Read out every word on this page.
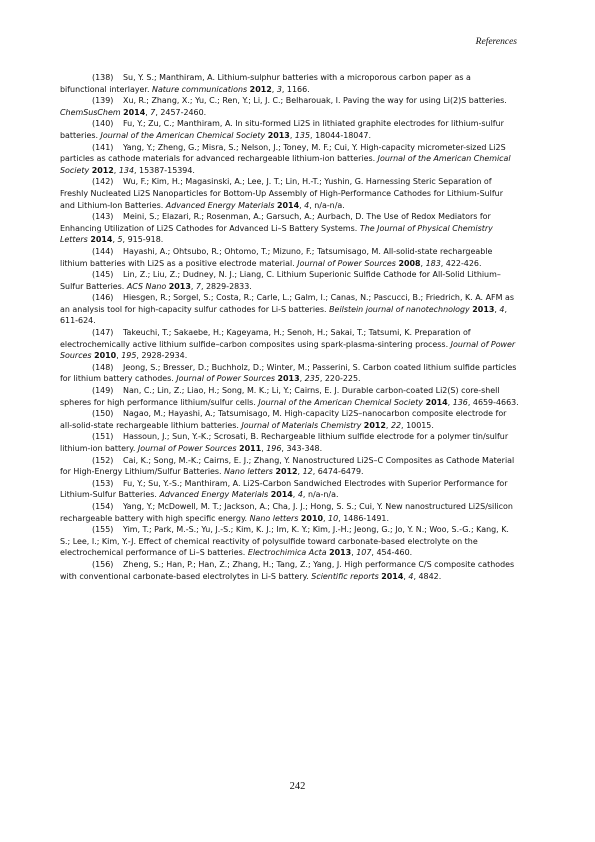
References

(138) Su, Y. S.; Manthiram, A. Lithium-sulphur batteries with a microporous carbon paper as a bifunctional interlayer. Nature communications 2012, 3, 1166.

(139) Xu, R.; Zhang, X.; Yu, C.; Ren, Y.; Li, J. C.; Belharouak, I. Paving the way for using Li(2)S batteries. ChemSusChem 2014, 7, 2457-2460.

(140) Fu, Y.; Zu, C.; Manthiram, A. In situ-formed Li2S in lithiated graphite electrodes for lithium-sulfur batteries. Journal of the American Chemical Society 2013, 135, 18044-18047.

(141) Yang, Y.; Zheng, G.; Misra, S.; Nelson, J.; Toney, M. F.; Cui, Y. High-capacity micrometer-sized Li2S particles as cathode materials for advanced rechargeable lithium-ion batteries. Journal of the American Chemical Society 2012, 134, 15387-15394.

(142) Wu, F.; Kim, H.; Magasinski, A.; Lee, J. T.; Lin, H.-T.; Yushin, G. Harnessing Steric Separation of Freshly Nucleated Li2S Nanoparticles for Bottom-Up Assembly of High-Performance Cathodes for Lithium-Sulfur and Lithium-Ion Batteries. Advanced Energy Materials 2014, 4, n/a-n/a.

(143) Meini, S.; Elazari, R.; Rosenman, A.; Garsuch, A.; Aurbach, D. The Use of Redox Mediators for Enhancing Utilization of Li2S Cathodes for Advanced Li–S Battery Systems. The Journal of Physical Chemistry Letters 2014, 5, 915-918.

(144) Hayashi, A.; Ohtsubo, R.; Ohtomo, T.; Mizuno, F.; Tatsumisago, M. All-solid-state rechargeable lithium batteries with Li2S as a positive electrode material. Journal of Power Sources 2008, 183, 422-426.

(145) Lin, Z.; Liu, Z.; Dudney, N. J.; Liang, C. Lithium Superionic Sulfide Cathode for All-Solid Lithium–Sulfur Batteries. ACS Nano 2013, 7, 2829-2833.

(146) Hiesgen, R.; Sorgel, S.; Costa, R.; Carle, L.; Galm, I.; Canas, N.; Pascucci, B.; Friedrich, K. A. AFM as an analysis tool for high-capacity sulfur cathodes for Li-S batteries. Beilstein journal of nanotechnology 2013, 4, 611-624.

(147) Takeuchi, T.; Sakaebe, H.; Kageyama, H.; Senoh, H.; Sakai, T.; Tatsumi, K. Preparation of electrochemically active lithium sulfide–carbon composites using spark-plasma-sintering process. Journal of Power Sources 2010, 195, 2928-2934.

(148) Jeong, S.; Bresser, D.; Buchholz, D.; Winter, M.; Passerini, S. Carbon coated lithium sulfide particles for lithium battery cathodes. Journal of Power Sources 2013, 235, 220-225.

(149) Nan, C.; Lin, Z.; Liao, H.; Song, M. K.; Li, Y.; Cairns, E. J. Durable carbon-coated Li2(S) core-shell spheres for high performance lithium/sulfur cells. Journal of the American Chemical Society 2014, 136, 4659-4663.

(150) Nagao, M.; Hayashi, A.; Tatsumisago, M. High-capacity Li2S–nanocarbon composite electrode for all-solid-state rechargeable lithium batteries. Journal of Materials Chemistry 2012, 22, 10015.

(151) Hassoun, J.; Sun, Y.-K.; Scrosati, B. Rechargeable lithium sulfide electrode for a polymer tin/sulfur lithium-ion battery. Journal of Power Sources 2011, 196, 343-348.

(152) Cai, K.; Song, M.-K.; Cairns, E. J.; Zhang, Y. Nanostructured Li2S–C Composites as Cathode Material for High-Energy Lithium/Sulfur Batteries. Nano letters 2012, 12, 6474-6479.

(153) Fu, Y.; Su, Y.-S.; Manthiram, A. Li2S-Carbon Sandwiched Electrodes with Superior Performance for Lithium-Sulfur Batteries. Advanced Energy Materials 2014, 4, n/a-n/a.

(154) Yang, Y.; McDowell, M. T.; Jackson, A.; Cha, J. J.; Hong, S. S.; Cui, Y. New nanostructured Li2S/silicon rechargeable battery with high specific energy. Nano letters 2010, 10, 1486-1491.

(155) Yim, T.; Park, M.-S.; Yu, J.-S.; Kim, K. J.; Im, K. Y.; Kim, J.-H.; Jeong, G.; Jo, Y. N.; Woo, S.-G.; Kang, K. S.; Lee, I.; Kim, Y.-J. Effect of chemical reactivity of polysulfide toward carbonate-based electrolyte on the electrochemical performance of Li–S batteries. Electrochimica Acta 2013, 107, 454-460.

(156) Zheng, S.; Han, P.; Han, Z.; Zhang, H.; Tang, Z.; Yang, J. High performance C/S composite cathodes with conventional carbonate-based electrolytes in Li-S battery. Scientific reports 2014, 4, 4842.

242
